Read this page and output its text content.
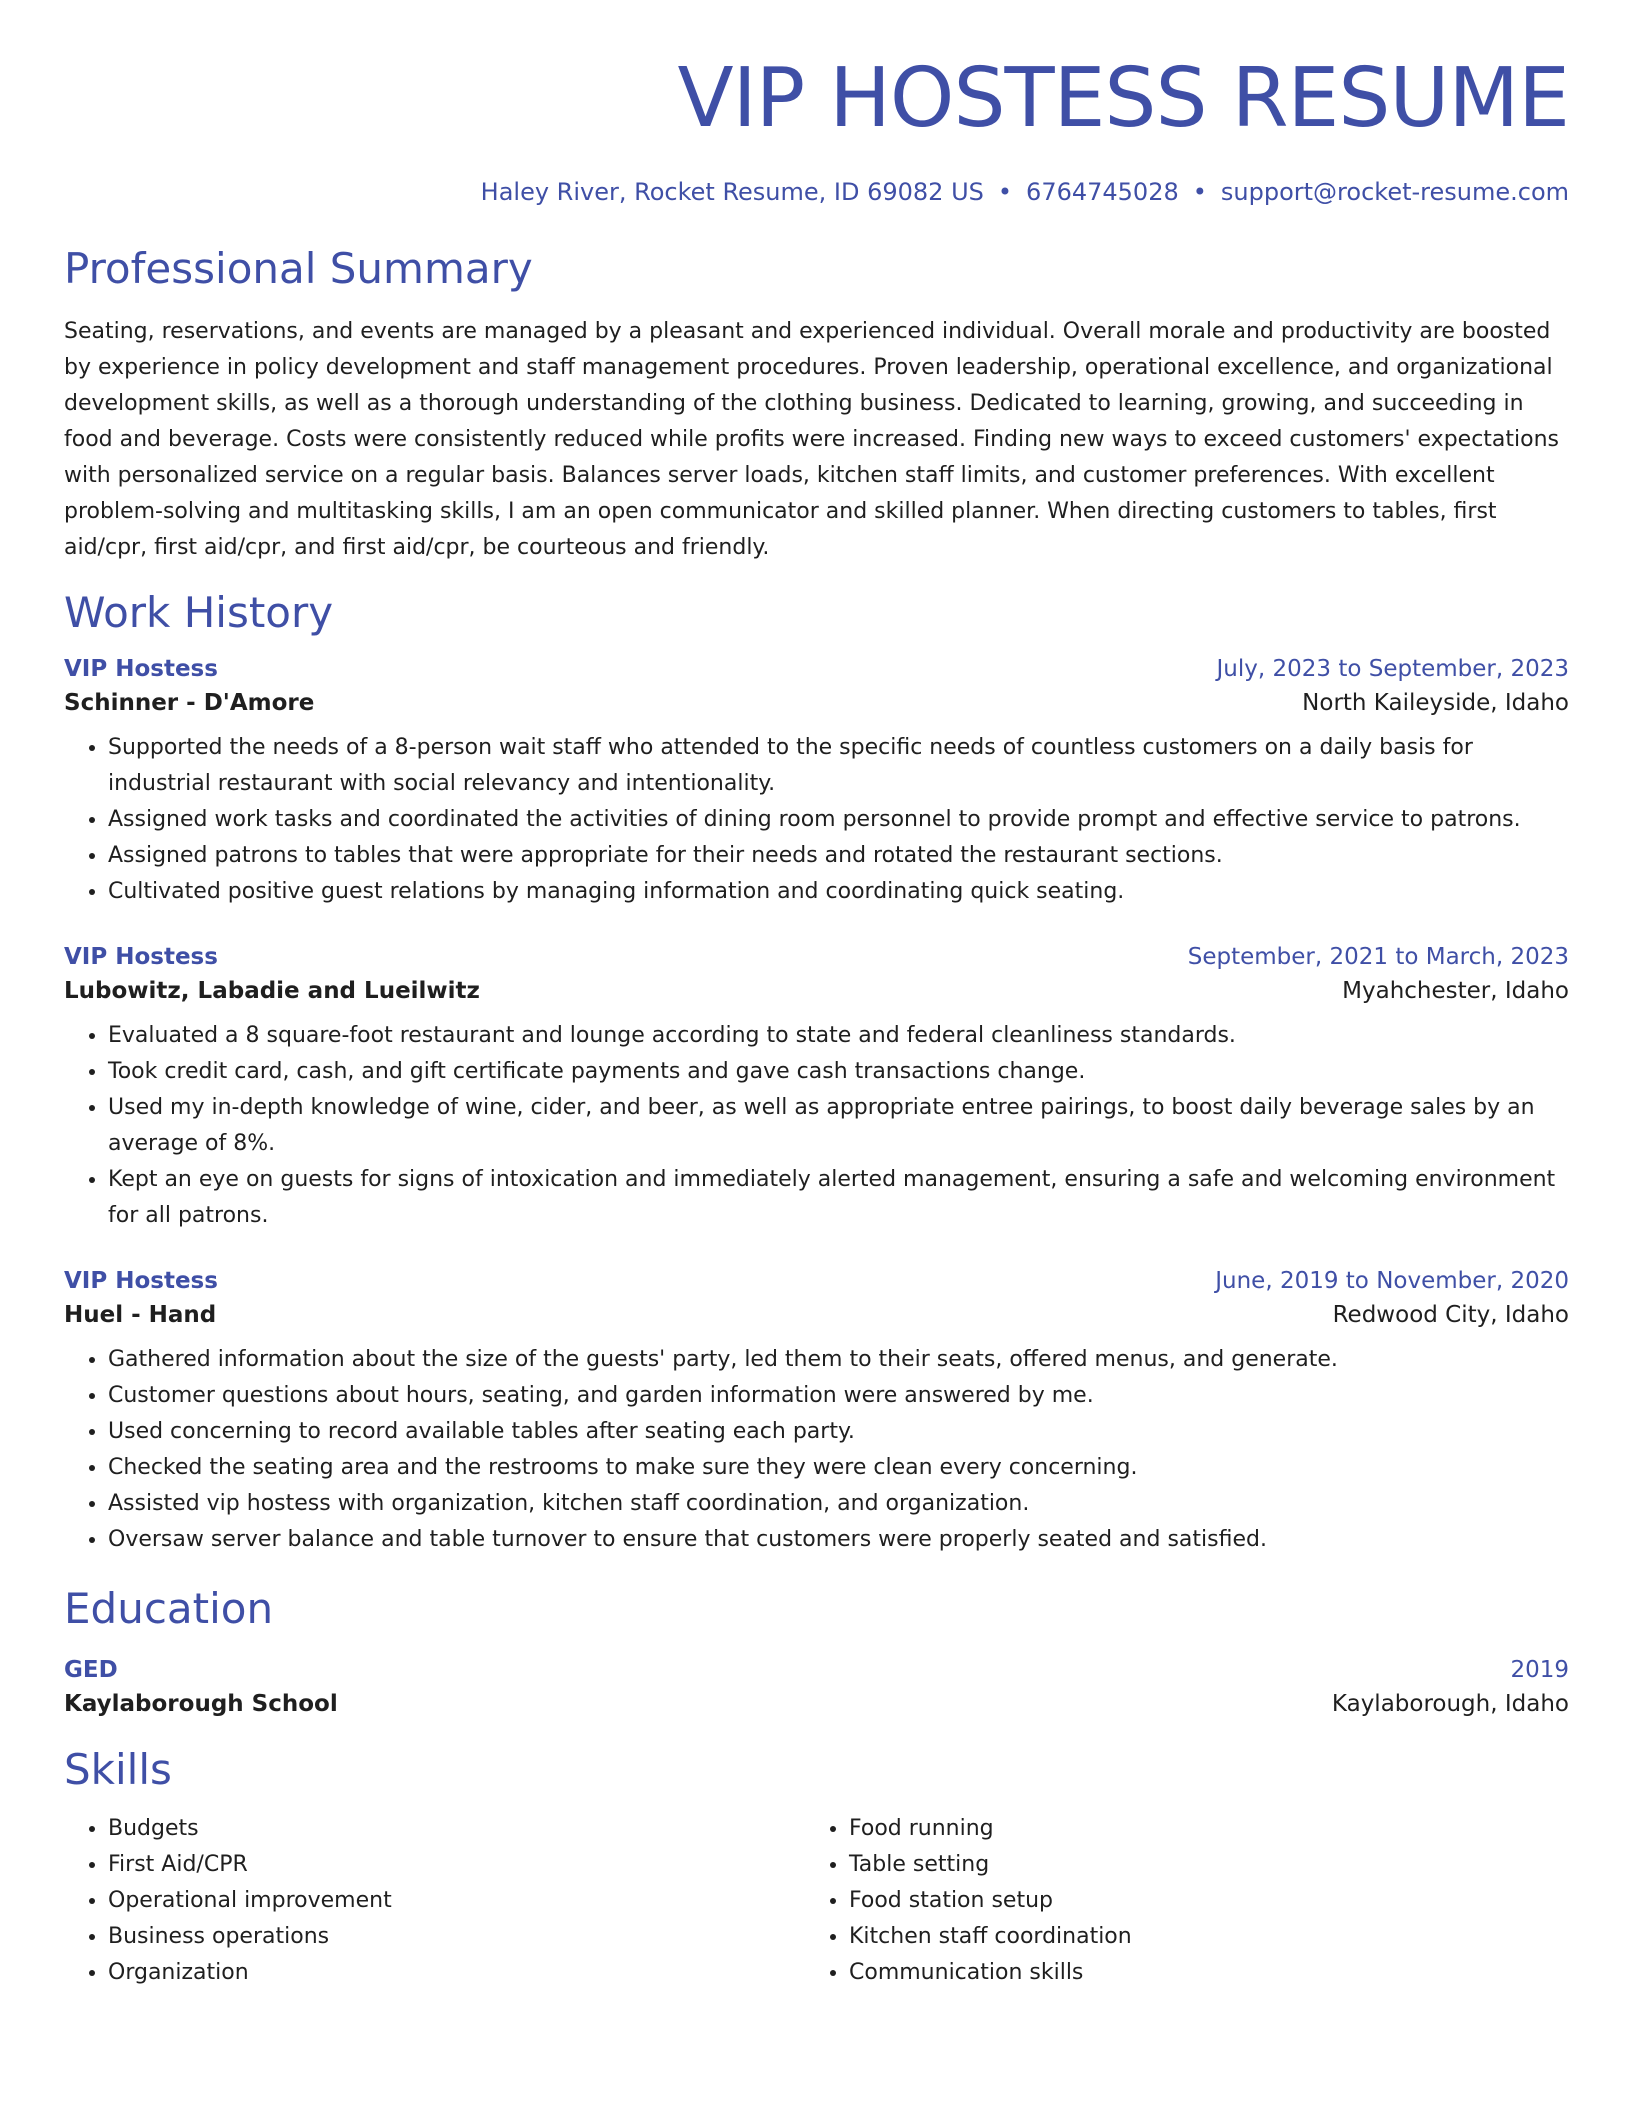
VIP HOSTESS RESUME
Haley River, Rocket Resume, ID 69082 US • 6764745028 • support@rocket-resume.com
Professional Summary

Seating, reservations, and events are managed by a pleasant and experienced individual. Overall morale and productivity are boosted by experience in policy development and staff management procedures. Proven leadership, operational excellence, and organizational development skills, as well as a thorough understanding of the clothing business. Dedicated to learning, growing, and succeeding in food and beverage. Costs were consistently reduced while profits were increased. Finding new ways to exceed customers' expectations with personalized service on a regular basis. Balances server loads, kitchen staff limits, and customer preferences. With excellent problem-solving and multitasking skills, I am an open communicator and skilled planner. When directing customers to tables, first aid/cpr, first aid/cpr, and first aid/cpr, be courteous and friendly.

Work History
VIP Hostess	July, 2023 to September, 2023
Schinner - D'Amore	North Kaileyside, Idaho
• Supported the needs of a 8-person wait staff who attended to the specific needs of countless customers on a daily basis for industrial restaurant with social relevancy and intentionality.
• Assigned work tasks and coordinated the activities of dining room personnel to provide prompt and effective service to patrons.
• Assigned patrons to tables that were appropriate for their needs and rotated the restaurant sections.
• Cultivated positive guest relations by managing information and coordinating quick seating.
VIP Hostess	September, 2021 to March, 2023
Lubowitz, Labadie and Lueilwitz	Myahchester, Idaho
• Evaluated a 8 square-foot restaurant and lounge according to state and federal cleanliness standards.
• Took credit card, cash, and gift certificate payments and gave cash transactions change.
• Used my in-depth knowledge of wine, cider, and beer, as well as appropriate entree pairings, to boost daily beverage sales by an average of 8%.
• Kept an eye on guests for signs of intoxication and immediately alerted management, ensuring a safe and welcoming environment for all patrons.
VIP Hostess	June, 2019 to November, 2020
Huel - Hand	Redwood City, Idaho
• Gathered information about the size of the guests' party, led them to their seats, offered menus, and generate.
• Customer questions about hours, seating, and garden information were answered by me.
• Used concerning to record available tables after seating each party.
• Checked the seating area and the restrooms to make sure they were clean every concerning.
• Assisted vip hostess with organization, kitchen staff coordination, and organization.
• Oversaw server balance and table turnover to ensure that customers were properly seated and satisfied.
Education
GED	2019
Kaylaborough School	Kaylaborough, Idaho
Skills
• Budgets
• First Aid/CPR
• Operational improvement
• Business operations
• Organization
• Food running
• Table setting
• Food station setup
• Kitchen staff coordination
• Communication skills
